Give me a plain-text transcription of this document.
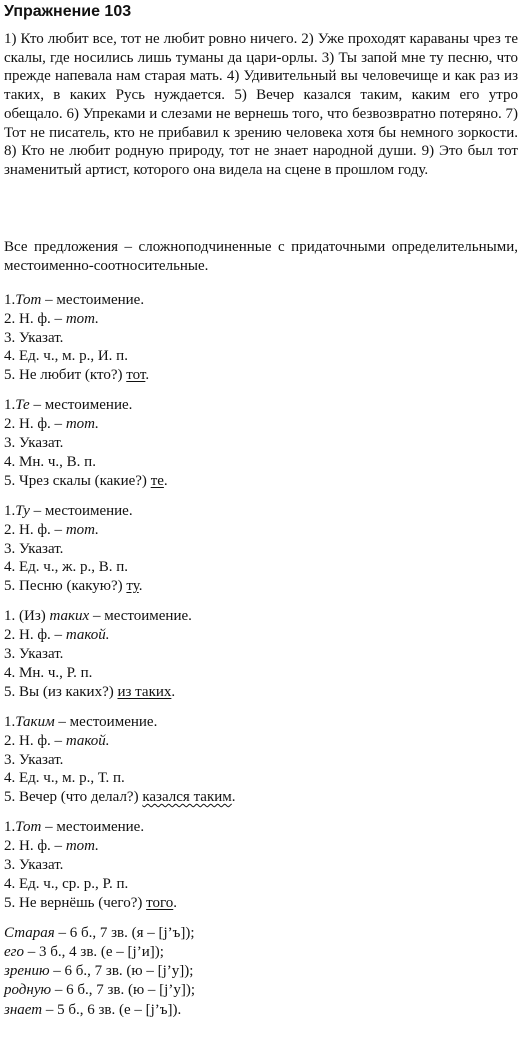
Упражнение 103

1) Кто любит все, тот не любит ровно ничего. 2) Уже проходят караваны чрез те скалы, где носились лишь туманы да цари-орлы. 3) Ты запой мне ту песню, что прежде напевала нам старая мать. 4) Удивительный вы человечище и как раз из таких, в каких Русь нуждается. 5) Вечер казался таким, каким его утро обещало. 6) Упреками и слезами не вернешь того, что безвозвратно потеряно. 7) Тот не писатель, кто не прибавил к зрению человека хотя бы немного зоркости. 8) Кто не любит родную природу, тот не знает народной души. 9) Это был тот знаменитый артист, которого она видела на сцене в прошлом году.

Все предложения – сложноподчиненные с придаточными определительными, местоименно-соотносительные.

1.Тот – местоимение.
2. Н. ф. – тот.
3. Указат.
4. Ед. ч., м. р., И. п.
5. Не любит (кто?) тот.
1.Те – местоимение.
2. Н. ф. – тот.
3. Указат.
4. Мн. ч., В. п.
5. Чрез скалы (какие?) те.
1.Ту – местоимение.
2. Н. ф. – тот.
3. Указат.
4. Ед. ч., ж. р., В. п.
5. Песню (какую?) ту.
1. (Из) таких – местоимение.
2. Н. ф. – такой.
3. Указат.
4. Мн. ч., Р. п.
5. Вы (из каких?) из таких.
1.Таким – местоимение.
2. Н. ф. – такой.
3. Указат.
4. Ед. ч., м. р., Т. п.
5. Вечер (что делал?) казался таким.
1.Тот – местоимение.
2. Н. ф. – тот.
3. Указат.
4. Ед. ч., ср. р., Р. п.
5. Не вернёшь (чего?) того.
Старая – 6 б., 7 зв. (я – [j’ъ]);
его – 3 б., 4 зв. (е – [j’и]);
зрению – 6 б., 7 зв. (ю – [j’у]);
родную – 6 б., 7 зв. (ю – [j’у]);
знает – 5 б., 6 зв. (е – [j’ъ]).
